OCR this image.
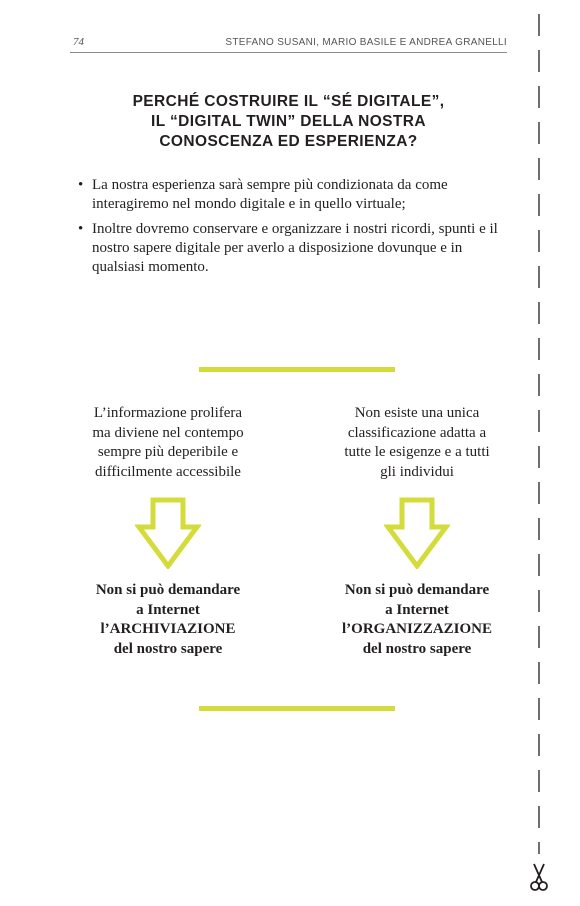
74	STEFANO SUSANI, MARIO BASILE E ANDREA GRANELLI
PERCHÉ COSTRUIRE IL “SÉ DIGITALE”,
IL “DIGITAL TWIN” DELLA NOSTRA
CONOSCENZA ED ESPERIENZA?
• La nostra esperienza sarà sempre più condizionata da come interagiremo nel mondo digitale e in quello virtuale;
• Inoltre dovremo conservare e organizzare i nostri ricordi, spunti e il nostro sapere digitale per averlo a disposizione dovunque e in qualsiasi momento.
L’informazione prolifera
ma diviene nel contempo
sempre più deperibile e
difficilmente accessibile
Non esiste una unica
classificazione adatta a
tutte le esigenze e a tutti
gli individui
Non si può demandare
a Internet
l’ARCHIVIAZIONE
del nostro sapere
Non si può demandare
a Internet
l’ORGANIZZAZIONE
del nostro sapere
